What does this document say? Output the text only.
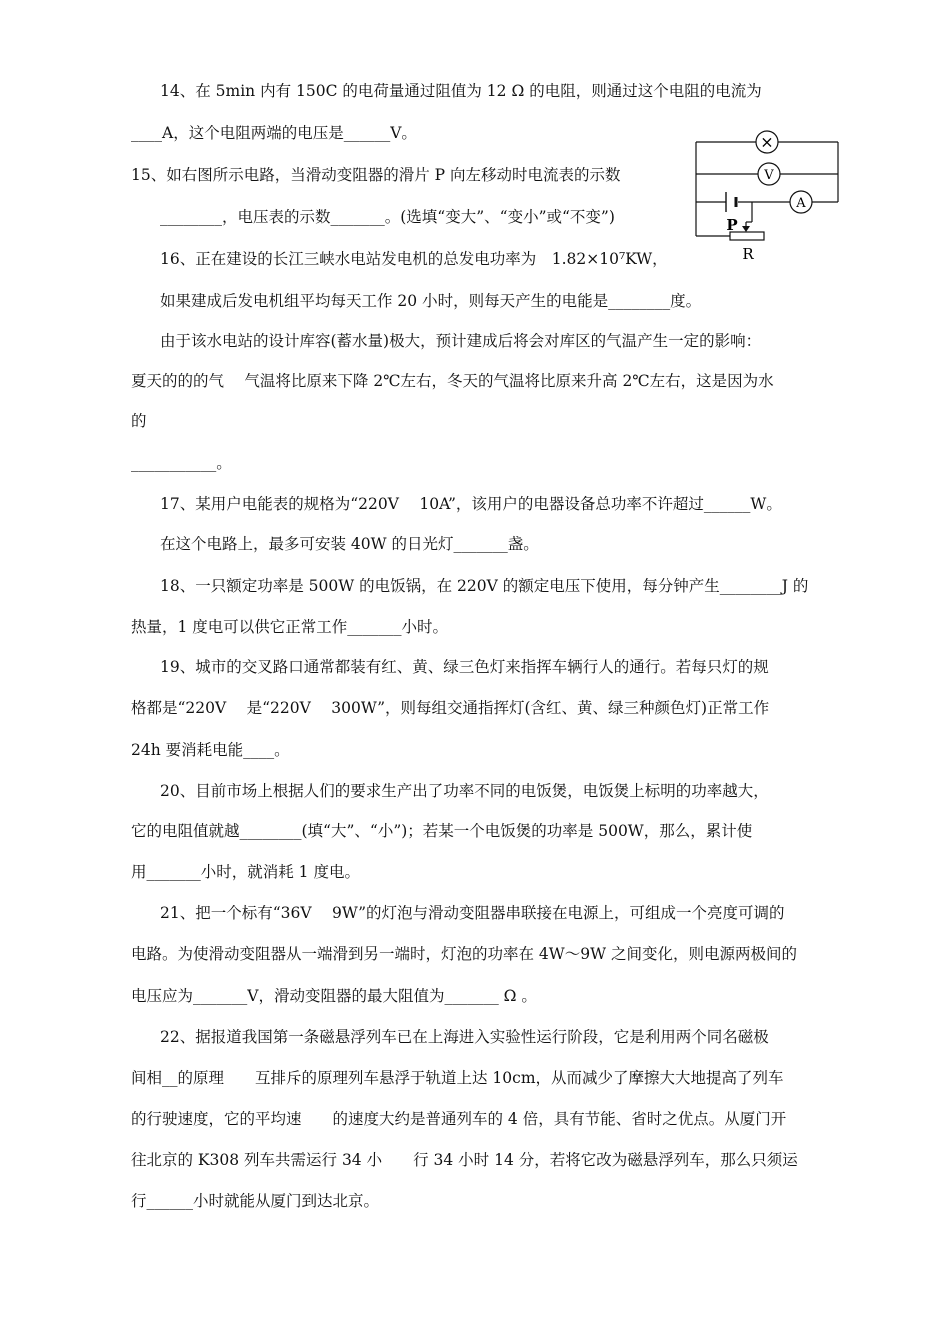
14、在 5min 内有 150C 的电荷量通过阻值为 12 Ω 的电阻，则通过这个电阻的电流为
____A，这个电阻两端的电压是______V。
15、如右图所示电路，当滑动变阻器的滑片 P 向左移动时电流表的示数
________，电压表的示数_______。(选填“变大”、“变小”或“不变”)
16、正在建设的长江三峡水电站发电机的总发电功率为　1.82×10⁷KW，
如果建成后发电机组平均每天工作 20 小时，则每天产生的电能是________度。
由于该水电站的设计库容(蓄水量)极大，预计建成后将会对库区的气温产生一定的影响：
夏天的的的气　 气温将比原来下降 2℃左右，冬天的气温将比原来升高 2℃左右，这是因为水
的
___________。
17、某用户电能表的规格为“220V　 10A”，该用户的电器设备总功率不许超过______W。
在这个电路上，最多可安装 40W 的日光灯_______盏。
18、一只额定功率是 500W 的电饭锅，在 220V 的额定电压下使用，每分钟产生________J 的
热量，1 度电可以供它正常工作_______小时。
19、城市的交叉路口通常都装有红、黄、绿三色灯来指挥车辆行人的通行。若每只灯的规
格都是“220V　 是“220V　 300W”，则每组交通指挥灯(含红、黄、绿三种颜色灯)正常工作
24h 要消耗电能____。
20、目前市场上根据人们的要求生产出了功率不同的电饭煲，电饭煲上标明的功率越大，
它的电阻值就越________(填“大”、“小”)；若某一个电饭煲的功率是 500W，那么，累计使
用_______小时，就消耗 1 度电。
21、把一个标有“36V　 9W”的灯泡与滑动变阻器串联接在电源上，可组成一个亮度可调的
电路。为使滑动变阻器从一端滑到另一端时，灯泡的功率在 4W～9W 之间变化，则电源两极间的
电压应为_______V，滑动变阻器的最大阻值为_______ Ω 。
22、据报道我国第一条磁悬浮列车已在上海进入实验性运行阶段，它是利用两个同名磁极
间相__的原理　　互排斥的原理列车悬浮于轨道上达 10cm，从而减少了摩擦大大地提高了列车
的行驶速度，它的平均速　　的速度大约是普通列车的 4 倍，具有节能、省时之优点。从厦门开
往北京的 K308 列车共需运行 34 小　　行 34 小时 14 分，若将它改为磁悬浮列车，那么只须运
行______小时就能从厦门到达北京。
×
V
A
P
R
